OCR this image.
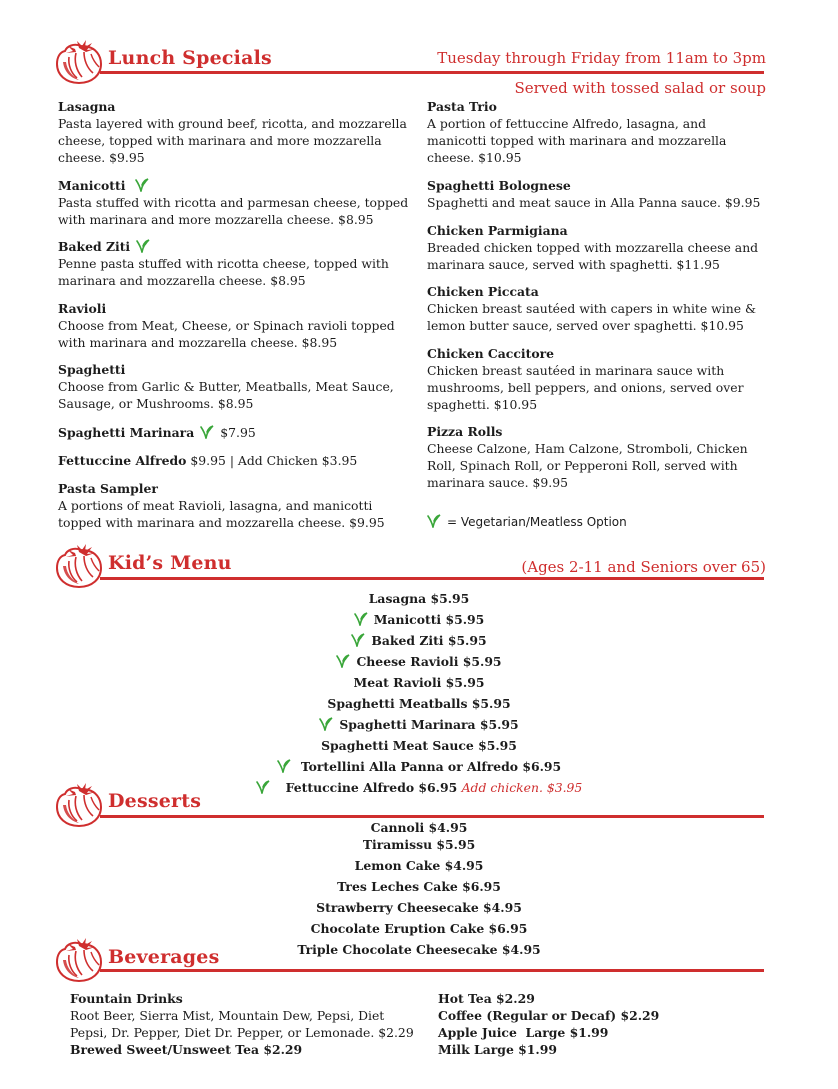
Lunch Specials	Tuesday through Friday from 11am to 3pm
Served with tossed salad or soup
Lasagna
Pasta layered with ground beef, ricotta, and mozzarella cheese, topped with marinara and more mozzarella cheese. $9.95
Manicotti
Pasta stuffed with ricotta and parmesan cheese, topped with marinara and more mozzarella cheese. $8.95
Baked Ziti
Penne pasta stuffed with ricotta cheese, topped with marinara and mozzarella cheese. $8.95
Ravioli
Choose from Meat, Cheese, or Spinach ravioli topped with marinara and mozzarella cheese. $8.95
Spaghetti
Choose from Garlic & Butter, Meatballs, Meat Sauce, Sausage, or Mushrooms. $8.95
Spaghetti Marinara $7.95
Fettuccine Alfredo $9.95 | Add Chicken $3.95
Pasta Sampler
A portions of meat Ravioli, lasagna, and manicotti topped with marinara and mozzarella cheese. $9.95
Pasta Trio
A portion of fettuccine Alfredo, lasagna, and manicotti topped with marinara and mozzarella cheese. $10.95
Spaghetti Bolognese
Spaghetti and meat sauce in Alla Panna sauce. $9.95
Chicken Parmigiana
Breaded chicken topped with mozzarella cheese and marinara sauce, served with spaghetti. $11.95
Chicken Piccata
Chicken breast sautéed with capers in white wine & lemon butter sauce, served over spaghetti. $10.95
Chicken Caccitore
Chicken breast sautéed in marinara sauce with mushrooms, bell peppers, and onions, served over spaghetti. $10.95
Pizza Rolls
Cheese Calzone, Ham Calzone, Stromboli, Chicken Roll, Spinach Roll, or Pepperoni Roll, served with marinara sauce. $9.95
= Vegetarian/Meatless Option
Kid’s Menu	(Ages 2-11 and Seniors over 65)
Lasagna $5.95
Manicotti $5.95
Baked Ziti $5.95
Cheese Ravioli $5.95
Meat Ravioli $5.95
Spaghetti Meatballs $5.95
Spaghetti Marinara $5.95
Spaghetti Meat Sauce $5.95
Tortellini Alla Panna or Alfredo $6.95
Fettuccine Alfredo $6.95 Add chicken. $3.95
Desserts
Cannoli $4.95
Tiramissu $5.95
Lemon Cake $4.95
Tres Leches Cake $6.95
Strawberry Cheesecake $4.95
Chocolate Eruption Cake $6.95
Triple Chocolate Cheesecake $4.95
Beverages
Fountain Drinks
Root Beer, Sierra Mist, Mountain Dew, Pepsi, Diet Pepsi, Dr. Pepper, Diet Dr. Pepper, or Lemonade. $2.29
Brewed Sweet/Unsweet Tea $2.29
Hot Tea $2.29
Coffee (Regular or Decaf) $2.29
Apple Juice  Large $1.99
Milk Large $1.99
